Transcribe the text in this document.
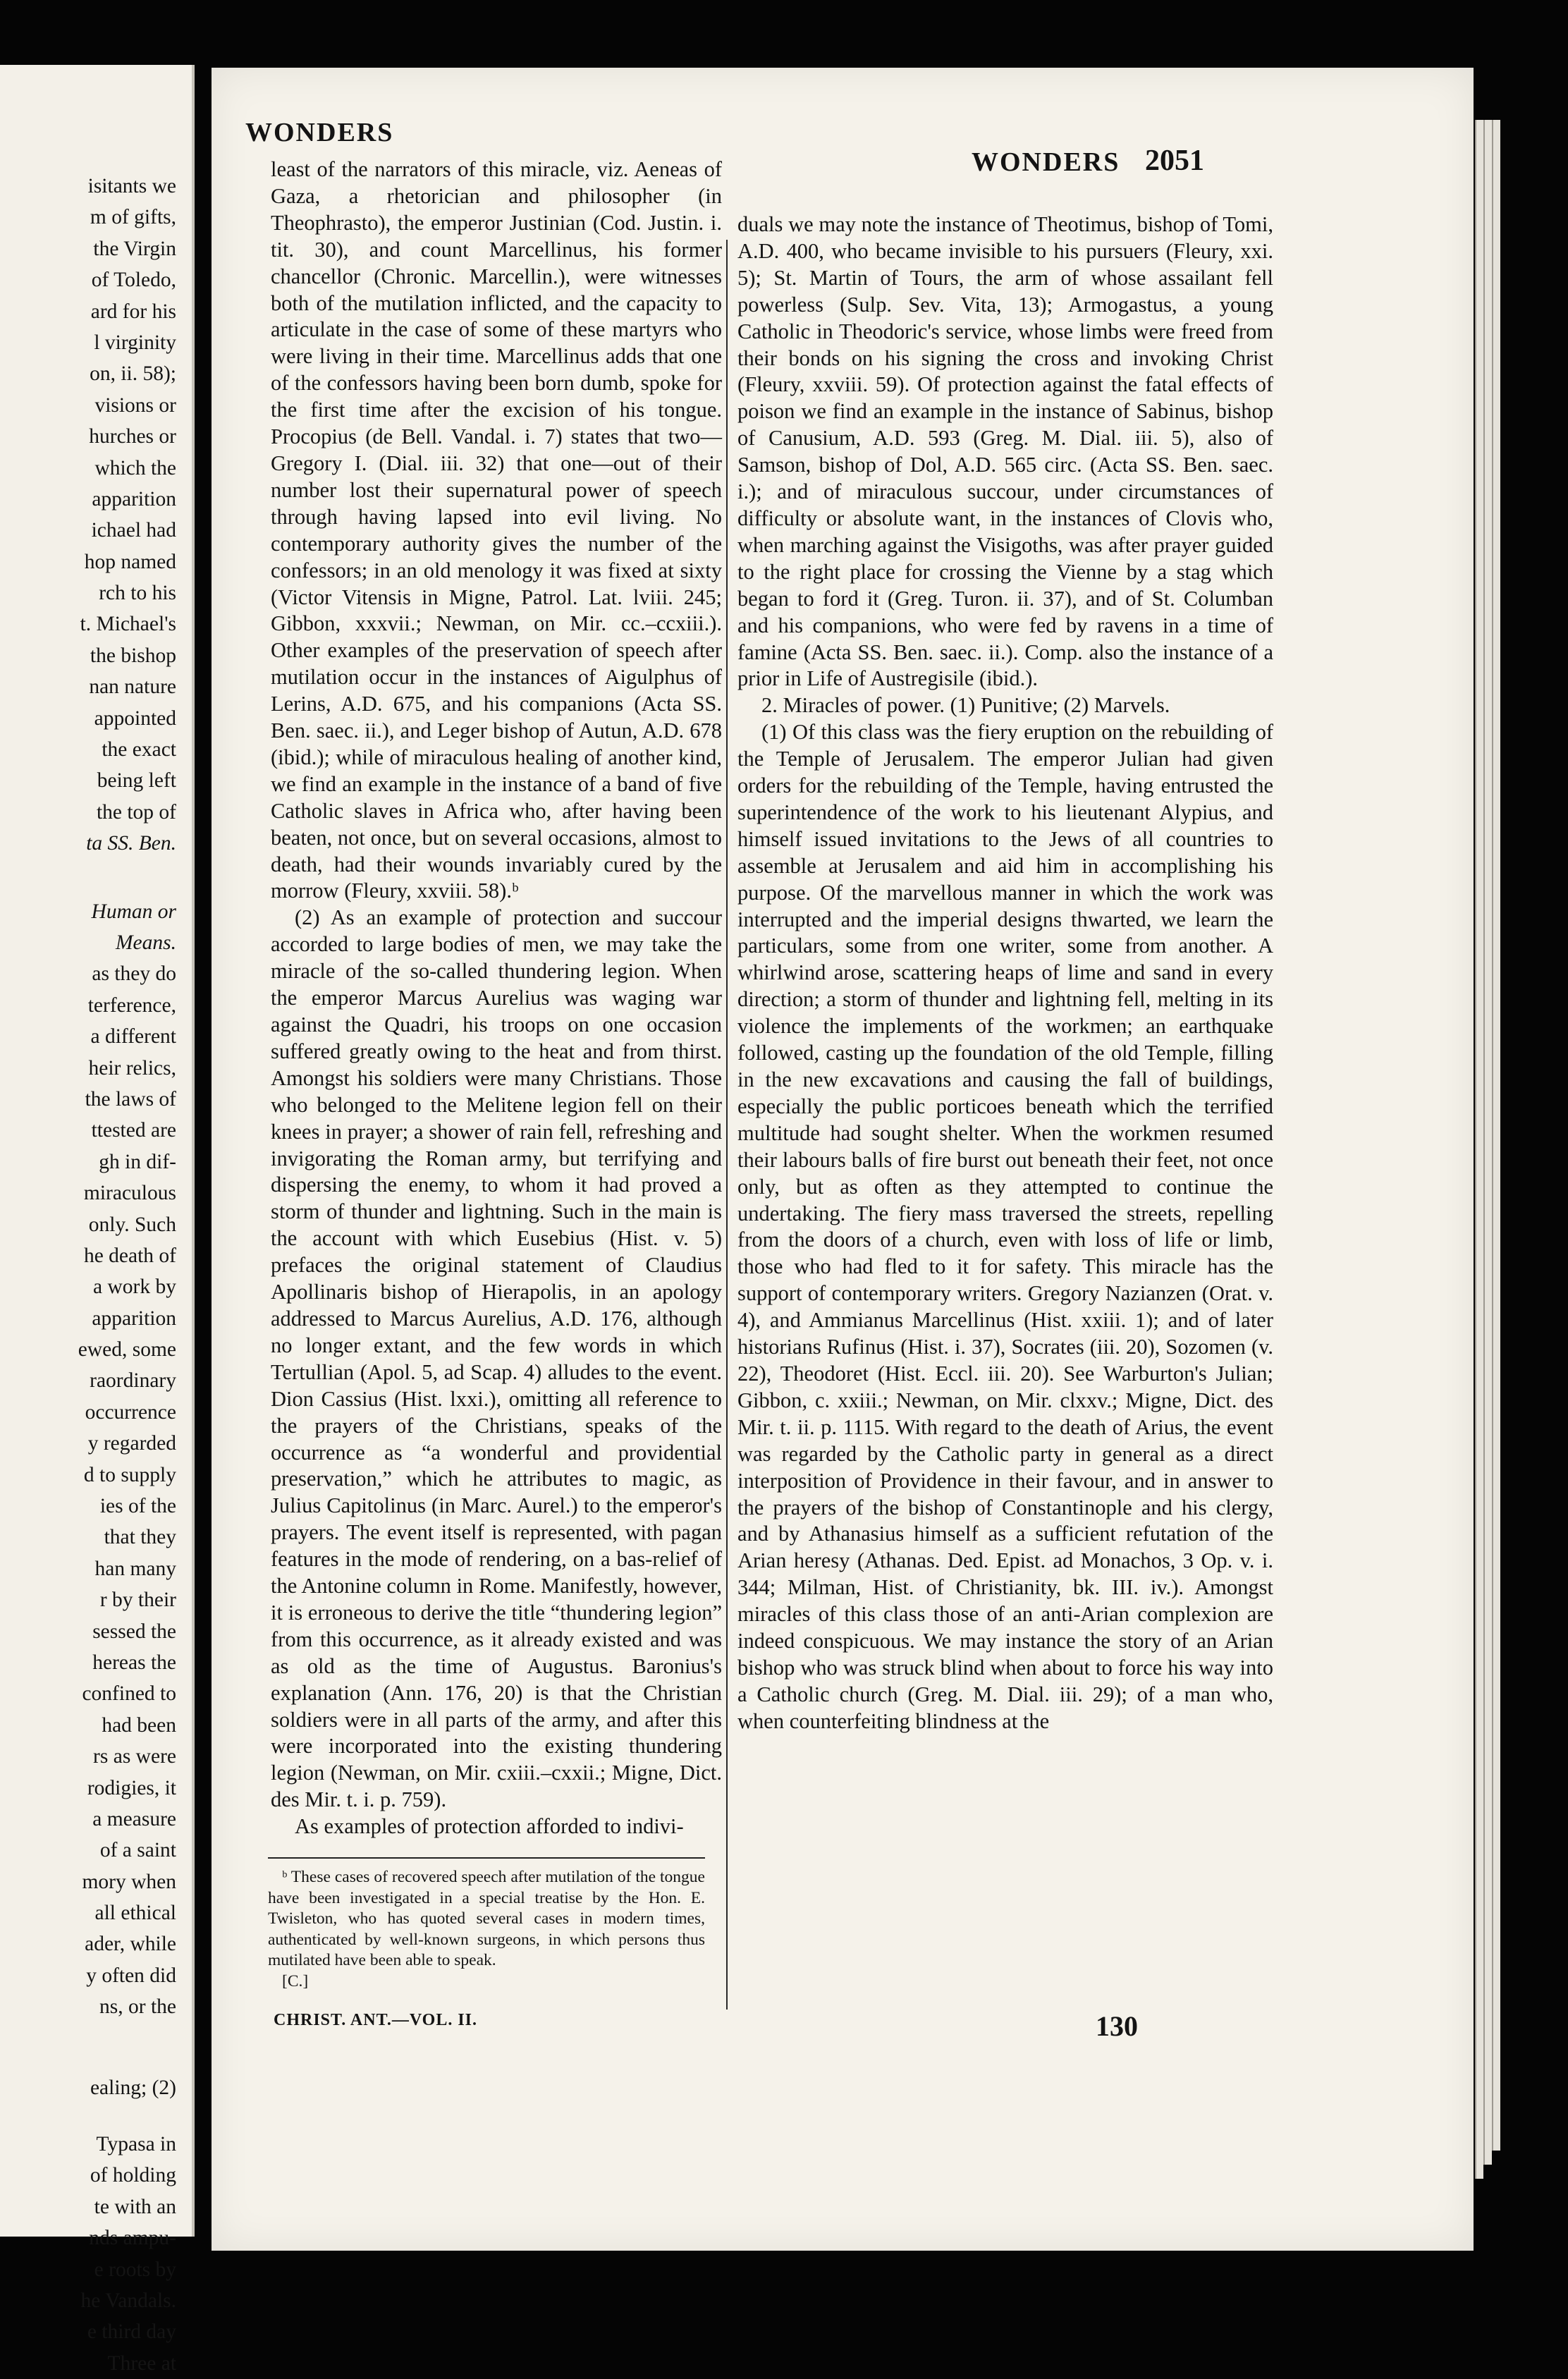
isitants we
m of gifts,
the Virgin
of Toledo,
ard for his
l virginity
on, ii. 58);
visions or
hurches or
which the
apparition
ichael had
hop named
rch to his
t. Michael's
the bishop
nan nature
appointed
the exact
being left
the top of
ta SS. Ben.
Human or
Means.
as they do
terference,
a different
heir relics,
the laws of
ttested are
gh in dif-
miraculous
only. Such
he death of
a work by
apparition
ewed, some
raordinary
occurrence
y regarded
d to supply
ies of the
that they
han many
r by their
sessed the
hereas the
confined to
had been
rs as were
rodigies, it
a measure
of a saint
mory when
all ethical
ader, while
y often did
ns, or the
ealing; (2)
Typasa in
of holding
te with an
nds ampu-
e roots by
he Vandals.
e third day
Three at
WONDERS
WONDERS 2051

least of the narrators of this miracle, viz. Aeneas of Gaza, a rhetorician and philosopher (in Theophrasto), the emperor Justinian (Cod. Justin. i. tit. 30), and count Marcellinus, his former chancellor (Chronic. Marcellin.), were witnesses both of the mutilation inflicted, and the capacity to articulate in the case of some of these martyrs who were living in their time. Marcellinus adds that one of the confessors having been born dumb, spoke for the first time after the excision of his tongue. Procopius (de Bell. Vandal. i. 7) states that two—Gregory I. (Dial. iii. 32) that one—out of their number lost their supernatural power of speech through having lapsed into evil living. No contemporary authority gives the number of the confessors; in an old menology it was fixed at sixty (Victor Vitensis in Migne, Patrol. Lat. lviii. 245; Gibbon, xxxvii.; Newman, on Mir. cc.–ccxiii.). Other examples of the preservation of speech after mutilation occur in the instances of Aigulphus of Lerins, A.D. 675, and his companions (Acta SS. Ben. saec. ii.), and Leger bishop of Autun, A.D. 678 (ibid.); while of miraculous healing of another kind, we find an example in the instance of a band of five Catholic slaves in Africa who, after having been beaten, not once, but on several occasions, almost to death, had their wounds invariably cured by the morrow (Fleury, xxviii. 58).ᵇ

(2) As an example of protection and succour accorded to large bodies of men, we may take the miracle of the so-called thundering legion. When the emperor Marcus Aurelius was waging war against the Quadri, his troops on one occasion suffered greatly owing to the heat and from thirst. Amongst his soldiers were many Christians. Those who belonged to the Melitene legion fell on their knees in prayer; a shower of rain fell, refreshing and invigorating the Roman army, but terrifying and dispersing the enemy, to whom it had proved a storm of thunder and lightning. Such in the main is the account with which Eusebius (Hist. v. 5) prefaces the original statement of Claudius Apollinaris bishop of Hierapolis, in an apology addressed to Marcus Aurelius, A.D. 176, although no longer extant, and the few words in which Tertullian (Apol. 5, ad Scap. 4) alludes to the event. Dion Cassius (Hist. lxxi.), omitting all reference to the prayers of the Christians, speaks of the occurrence as “a wonderful and providential preservation,” which he attributes to magic, as Julius Capitolinus (in Marc. Aurel.) to the emperor's prayers. The event itself is represented, with pagan features in the mode of rendering, on a bas-relief of the Antonine column in Rome. Manifestly, however, it is erroneous to derive the title “thundering legion” from this occurrence, as it already existed and was as old as the time of Augustus. Baronius's explanation (Ann. 176, 20) is that the Christian soldiers were in all parts of the army, and after this were incorporated into the existing thundering legion (Newman, on Mir. cxiii.–cxxii.; Migne, Dict. des Mir. t. i. p. 759).

As examples of protection afforded to indivi-

duals we may note the instance of Theotimus, bishop of Tomi, A.D. 400, who became invisible to his pursuers (Fleury, xxi. 5); St. Martin of Tours, the arm of whose assailant fell powerless (Sulp. Sev. Vita, 13); Armogastus, a young Catholic in Theodoric's service, whose limbs were freed from their bonds on his signing the cross and invoking Christ (Fleury, xxviii. 59). Of protection against the fatal effects of poison we find an example in the instance of Sabinus, bishop of Canusium, A.D. 593 (Greg. M. Dial. iii. 5), also of Samson, bishop of Dol, A.D. 565 circ. (Acta SS. Ben. saec. i.); and of miraculous succour, under circumstances of difficulty or absolute want, in the instances of Clovis who, when marching against the Visigoths, was after prayer guided to the right place for crossing the Vienne by a stag which began to ford it (Greg. Turon. ii. 37), and of St. Columban and his companions, who were fed by ravens in a time of famine (Acta SS. Ben. saec. ii.). Comp. also the instance of a prior in Life of Austregisile (ibid.).

2. Miracles of power. (1) Punitive; (2) Marvels.

(1) Of this class was the fiery eruption on the rebuilding of the Temple of Jerusalem. The emperor Julian had given orders for the rebuilding of the Temple, having entrusted the superintendence of the work to his lieutenant Alypius, and himself issued invitations to the Jews of all countries to assemble at Jerusalem and aid him in accomplishing his purpose. Of the marvellous manner in which the work was interrupted and the imperial designs thwarted, we learn the particulars, some from one writer, some from another. A whirlwind arose, scattering heaps of lime and sand in every direction; a storm of thunder and lightning fell, melting in its violence the implements of the workmen; an earthquake followed, casting up the foundation of the old Temple, filling in the new excavations and causing the fall of buildings, especially the public porticoes beneath which the terrified multitude had sought shelter. When the workmen resumed their labours balls of fire burst out beneath their feet, not once only, but as often as they attempted to continue the undertaking. The fiery mass traversed the streets, repelling from the doors of a church, even with loss of life or limb, those who had fled to it for safety. This miracle has the support of contemporary writers. Gregory Nazianzen (Orat. v. 4), and Ammianus Marcellinus (Hist. xxiii. 1); and of later historians Rufinus (Hist. i. 37), Socrates (iii. 20), Sozomen (v. 22), Theodoret (Hist. Eccl. iii. 20). See Warburton's Julian; Gibbon, c. xxiii.; Newman, on Mir. clxxv.; Migne, Dict. des Mir. t. ii. p. 1115. With regard to the death of Arius, the event was regarded by the Catholic party in general as a direct interposition of Providence in their favour, and in answer to the prayers of the bishop of Constantinople and his clergy, and by Athanasius himself as a sufficient refutation of the Arian heresy (Athanas. Ded. Epist. ad Monachos, 3 Op. v. i. 344; Milman, Hist. of Christianity, bk. III. iv.). Amongst miracles of this class those of an anti-Arian complexion are indeed conspicuous. We may instance the story of an Arian bishop who was struck blind when about to force his way into a Catholic church (Greg. M. Dial. iii. 29); of a man who, when counterfeiting blindness at the

ᵇ These cases of recovered speech after mutilation of the tongue have been investigated in a special treatise by the Hon. E. Twisleton, who has quoted several cases in modern times, authenticated by well-known surgeons, in which persons thus mutilated have been able to speak.

[C.]

CHRIST. ANT.—VOL. II.	130
